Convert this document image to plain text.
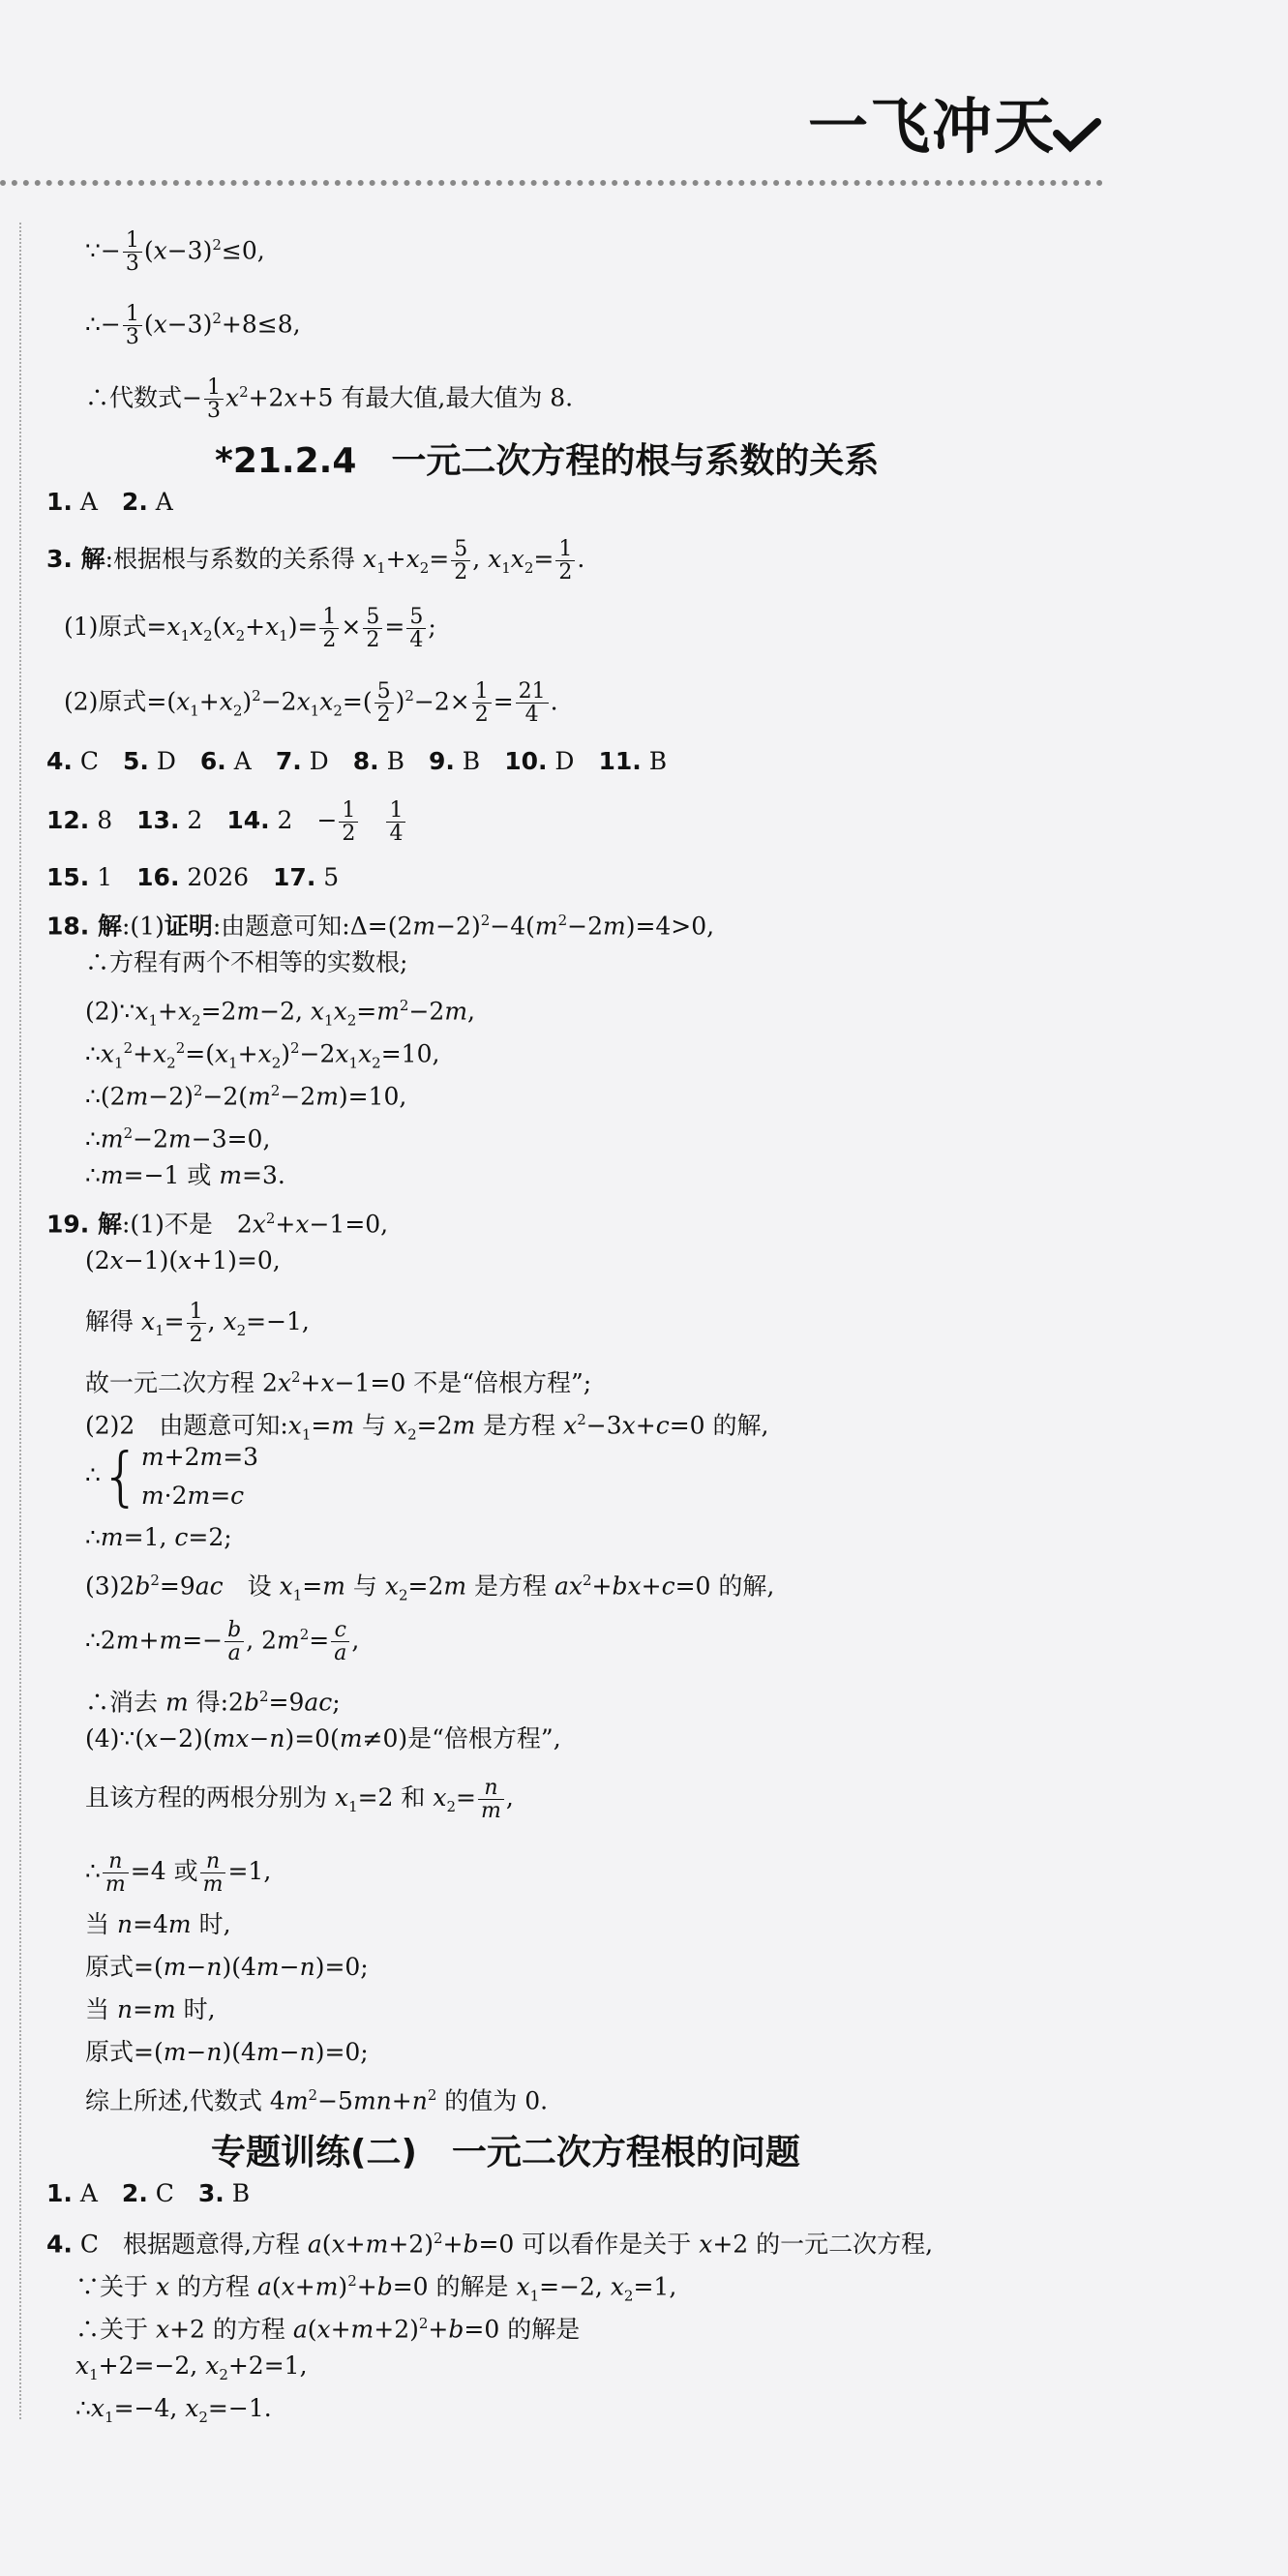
一飞冲天
∵− $\frac{1}{3} (x-3)^2\le 0$,
∴− $\frac{1}{3} (x-3)^2+8\le 8$,
∴代数式− $\frac{1}{3} x^2+2x+5$ 有最大值,最大值为 8.
*21.2.4　一元二次方程的根与系数的关系
1. A　2. A
3. 解:根据根与系数的关系得 $x_1+x_2= \frac{5}{2}$ , $x_1x_2= \frac{1}{2}$ .
(1)原式$=x_1x_2(x_2+x_1)= \frac{1}{2} \times \frac{5}{2} = \frac{5}{4}$ ;
(2)原式$=(x_1+x_2)^2-2x_1x_2=( \frac{5}{2} )^2-2\times \frac{1}{2} = \frac{21}{4}$ .
4. C　5. D　6. A　7. D　8. B　9. B　10. D　11. B
12. 8　13. 2　14. 2　− $\frac{1}{2}$
　 $\frac{1}{4}$
15. 1　16. 2026　17. 5
18. 解:(1)证明:由题意可知$:\Delta=(2m-2)^2-4(m^2-2m)=4>0$,
∴方程有两个不相等的实数根;
$(2)\because x_1+x_2=2m-2$, $x_1x_2=m^2-2m$,
$\therefore x_1^2+x_2^2=(x_1+x_2)^2-2x_1x_2=10$,
$\therefore(2m-2)^2-2(m^2-2m)=10$,
$\therefore m^2-2m-3=0$,
∴m=−1 或 m=3.
19. 解:(1)不是　$2x^2+x-1=0$,
(2x−1)(x+1)=0,
解得 $x_1= \frac{1}{2}$ , $x_2=-1$,
故一元二次方程 $2x^2+x-1=0$ 不是“倍根方程”;
(2)2　由题意可知$:x_1=m$ 与 $x_2=2m$ 是方程 $x^2-3x+c=0$ 的解,
∴{ m+2m=3
m·2m=c
∴m=1, c=2;
$(3)2b^2=9ac$　设 $x_1=m$ 与 $x_2=2m$ 是方程 $ax^2+bx+c=0$ 的解,
∴2m+m=− $\frac{b}{a}$ , $2m^2= \frac{c}{a}$ ,
∴消去 m 得$:2b^2=9ac$;
(4)∵(x−2)(mx−n)=0(m≠0)是“倍根方程”,
且该方程的两根分别为 $x_1=2$ 和 $x_2= \frac{n}{m}$ ,
∴ $\frac{n}{m} =4$ 或 $\frac{n}{m} =1$,
当 n=4m 时,
原式=(m−n)(4m−n)=0;
当 n=m 时,
原式=(m−n)(4m−n)=0;
综上所述,代数式 $4m^2-5mn+n^2$ 的值为 0.
专题训练(二)　一元二次方程根的问题
1. A　2. C　3. B
4. C　根据题意得,方程 $a(x+m+2)^2+b=0$ 可以看作是关于 x+2 的一元二次方程,
∵关于 x 的方程 $a(x+m)^2+b=0$ 的解是 $x_1=-2$, $x_2=1$,
∴关于 x+2 的方程 $a(x+m+2)^2+b=0$ 的解是
$x_1+2=-2$, $x_2+2=1$,
$\therefore x_1=-4$, $x_2=-1$.
